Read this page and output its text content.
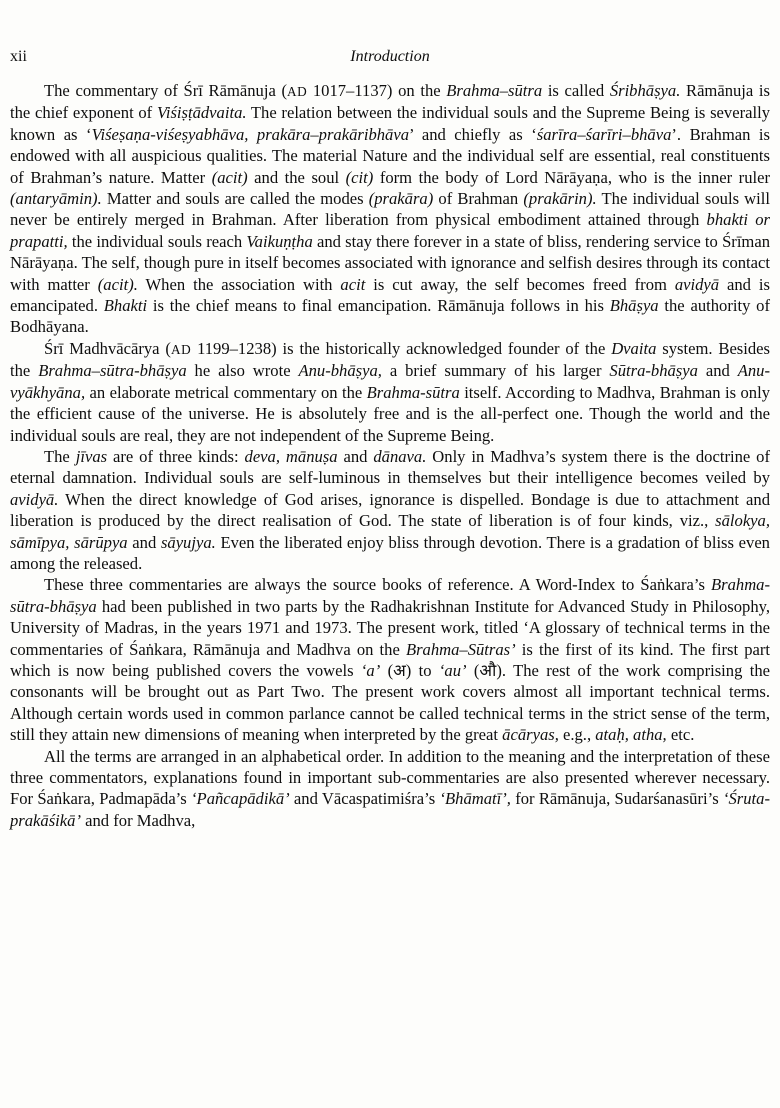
xii	Introduction

The commentary of Śrī Rāmānuja (AD 1017–1137) on the Brahma–sūtra is called Śribhāṣya. Rāmānuja is the chief exponent of Viśiṣṭādvaita. The relation between the individual souls and the Supreme Being is severally known as ‘Viśeṣaṇa-viśeṣyabhāva, prakāra–prakāribhāva’ and chiefly as ‘śarīra–śarīri–bhāva’. Brahman is endowed with all auspicious qualities. The material Nature and the individual self are essential, real constituents of Brahman’s nature. Matter (acit) and the soul (cit) form the body of Lord Nārāyaṇa, who is the inner ruler (antaryāmin). Matter and souls are called the modes (prakāra) of Brahman (prakārin). The individual souls will never be entirely merged in Brahman. After liberation from physical embodiment attained through bhakti or prapatti, the individual souls reach Vaikuṇṭha and stay there forever in a state of bliss, rendering service to Śrīman Nārāyaṇa. The self, though pure in itself becomes associated with ignorance and selfish desires through its contact with matter (acit). When the association with acit is cut away, the self becomes freed from avidyā and is emancipated. Bhakti is the chief means to final emancipation. Rāmānuja follows in his Bhāṣya the authority of Bodhāyana.

Śrī Madhvācārya (AD 1199–1238) is the historically acknowledged founder of the Dvaita system. Besides the Brahma–sūtra-bhāṣya he also wrote Anu-bhāṣya, a brief summary of his larger Sūtra-bhāṣya and Anu-vyākhyāna, an elaborate metrical commentary on the Brahma-sūtra itself. According to Madhva, Brahman is only the efficient cause of the universe. He is absolutely free and is the all-perfect one. Though the world and the individual souls are real, they are not independent of the Supreme Being.

The jīvas are of three kinds: deva, mānuṣa and dānava. Only in Madhva’s system there is the doctrine of eternal damnation. Individual souls are self-luminous in themselves but their intelligence becomes veiled by avidyā. When the direct knowledge of God arises, ignorance is dispelled. Bondage is due to attachment and liberation is produced by the direct realisation of God. The state of liberation is of four kinds, viz., sālokya, sāmīpya, sārūpya and sāyujya. Even the liberated enjoy bliss through devotion. There is a gradation of bliss even among the released.

These three commentaries are always the source books of reference. A Word-Index to Śaṅkara’s Brahma-sūtra-bhāṣya had been published in two parts by the Radhakrishnan Institute for Advanced Study in Philosophy, University of Madras, in the years 1971 and 1973. The present work, titled ‘A glossary of technical terms in the commentaries of Śaṅkara, Rāmānuja and Madhva on the Brahma–Sūtras’ is the first of its kind. The first part which is now being published covers the vowels ‘a’ (अ) to ‘au’ (औ). The rest of the work comprising the consonants will be brought out as Part Two. The present work covers almost all important technical terms. Although certain words used in common parlance cannot be called technical terms in the strict sense of the term, still they attain new dimensions of meaning when interpreted by the great ācāryas, e.g., ataḥ, atha, etc.

All the terms are arranged in an alphabetical order. In addition to the meaning and the interpretation of these three commentators, explanations found in important sub-commentaries are also presented wherever necessary. For Śaṅkara, Padmapāda’s ‘Pañcapādikā’ and Vācaspatimiśra’s ‘Bhāmatī’, for Rāmānuja, Sudarśanasūri’s ‘Śruta-prakāśikā’ and for Madhva,
